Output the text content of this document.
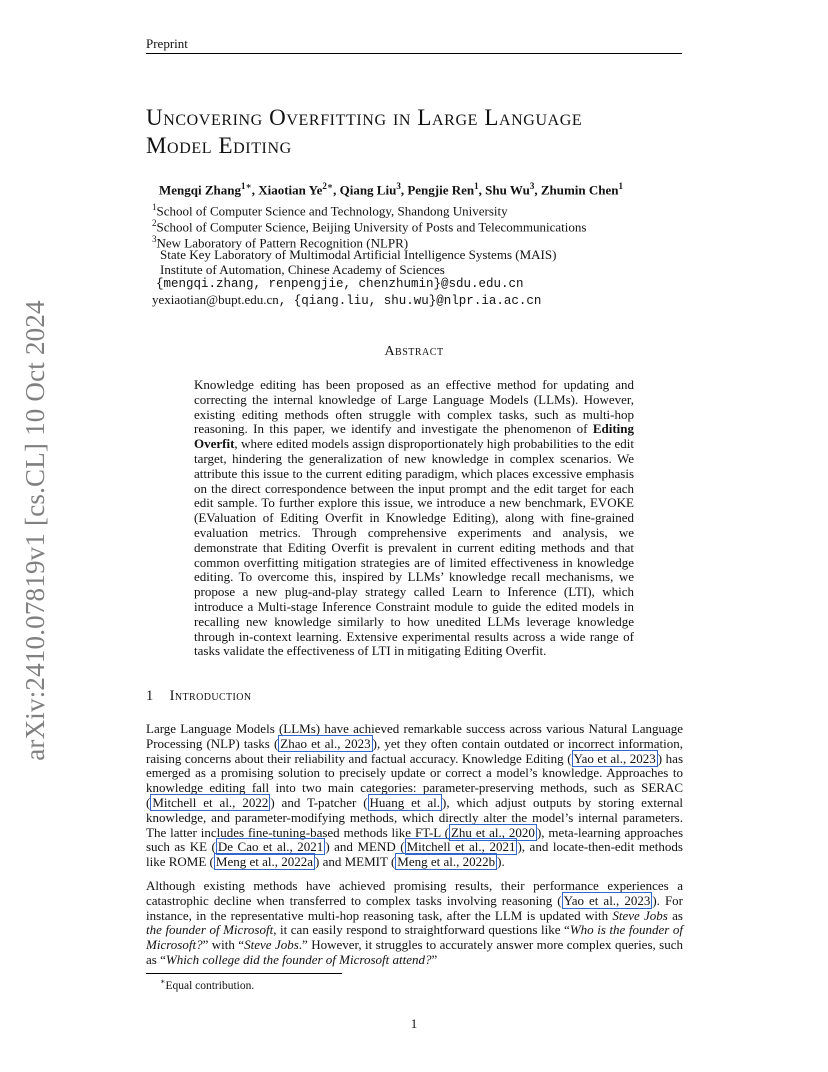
Preprint
arXiv:2410.07819v1 [cs.CL] 10 Oct 2024
Uncovering Overfitting in Large Language
Model Editing
Mengqi Zhang$^{1∗}$, Xiaotian $Ye^{2∗}$, Qiang Liu$^3$, Pengjie Ren$^1$, Shu Wu$^3$, Zhumin Chen$^1$
$^1$School of Computer Science and Technology, Shandong University
$^2$School of Computer Science, Beijing University of Posts and Telecommunications
$^3$New Laboratory of Pattern Recognition (NLPR)
State Key Laboratory of Multimodal Artificial Intelligence Systems (MAIS)
Institute of Automation, Chinese Academy of Sciences
{mengqi.zhang, renpengjie, chenzhumin}@sdu.edu.cn
yexiaotian@bupt.edu.cn, {qiang.liu, shu.wu}@nlpr.ia.ac.cn
Abstract
Knowledge editing has been proposed as an effective method for updating and correcting the internal knowledge of Large Language Models (LLMs). However, existing editing methods often struggle with complex tasks, such as multi-hop reasoning. In this paper, we identify and investigate the phenomenon of Editing Overfit, where edited models assign disproportionately high probabilities to the edit target, hindering the generalization of new knowledge in complex scenarios. We attribute this issue to the current editing paradigm, which places excessive emphasis on the direct correspondence between the input prompt and the edit target for each edit sample. To further explore this issue, we introduce a new benchmark, EVOKE (EValuation of Editing Overfit in Knowledge Editing), along with fine-grained evaluation metrics. Through comprehensive experiments and analysis, we demonstrate that Editing Overfit is prevalent in current editing methods and that common overfitting mitigation strategies are of limited effectiveness in knowledge editing. To overcome this, inspired by LLMs’ knowledge recall mechanisms, we propose a new plug-and-play strategy called Learn to Inference (LTI), which introduce a Multi-stage Inference Constraint module to guide the edited models in recalling new knowledge similarly to how unedited LLMs leverage knowledge through in-context learning. Extensive experimental results across a wide range of tasks validate the effectiveness of LTI in mitigating Editing Overfit.
1 Introduction
Large Language Models (LLMs) have achieved remarkable success across various Natural Language Processing (NLP) tasks ( Zhao et al., 2023 ), yet they often contain outdated or incorrect information, raising concerns about their reliability and factual accuracy. Knowledge Editing ( Yao et al., 2023 ) has emerged as a promising solution to precisely update or correct a model’s knowledge. Approaches to knowledge editing fall into two main categories: parameter-preserving methods, such as SERAC ( Mitchell et al., 2022 ) and T-patcher ( Huang et al. ), which adjust outputs by storing external knowledge, and parameter-modifying methods, which directly alter the model’s internal parameters. The latter includes fine-tuning-based methods like FT-L ( Zhu et al., 2020 ), meta-learning approaches such as KE ( De Cao et al., 2021 ) and MEND ( Mitchell et al., 2021 ), and locate-then-edit methods like ROME ( Meng et al., 2022a ) and MEMIT ( Meng et al., 2022b ).
Although existing methods have achieved promising results, their performance experiences a catastrophic decline when transferred to complex tasks involving reasoning ( Yao et al., 2023 ). For instance, in the representative multi-hop reasoning task, after the LLM is updated with Steve Jobs as the founder of Microsoft, it can easily respond to straightforward questions like “Who is the founder of Microsoft?” with “Steve Jobs.” However, it struggles to accurately answer more complex queries, such as “Which college did the founder of Microsoft attend?”
∗Equal contribution.
1
